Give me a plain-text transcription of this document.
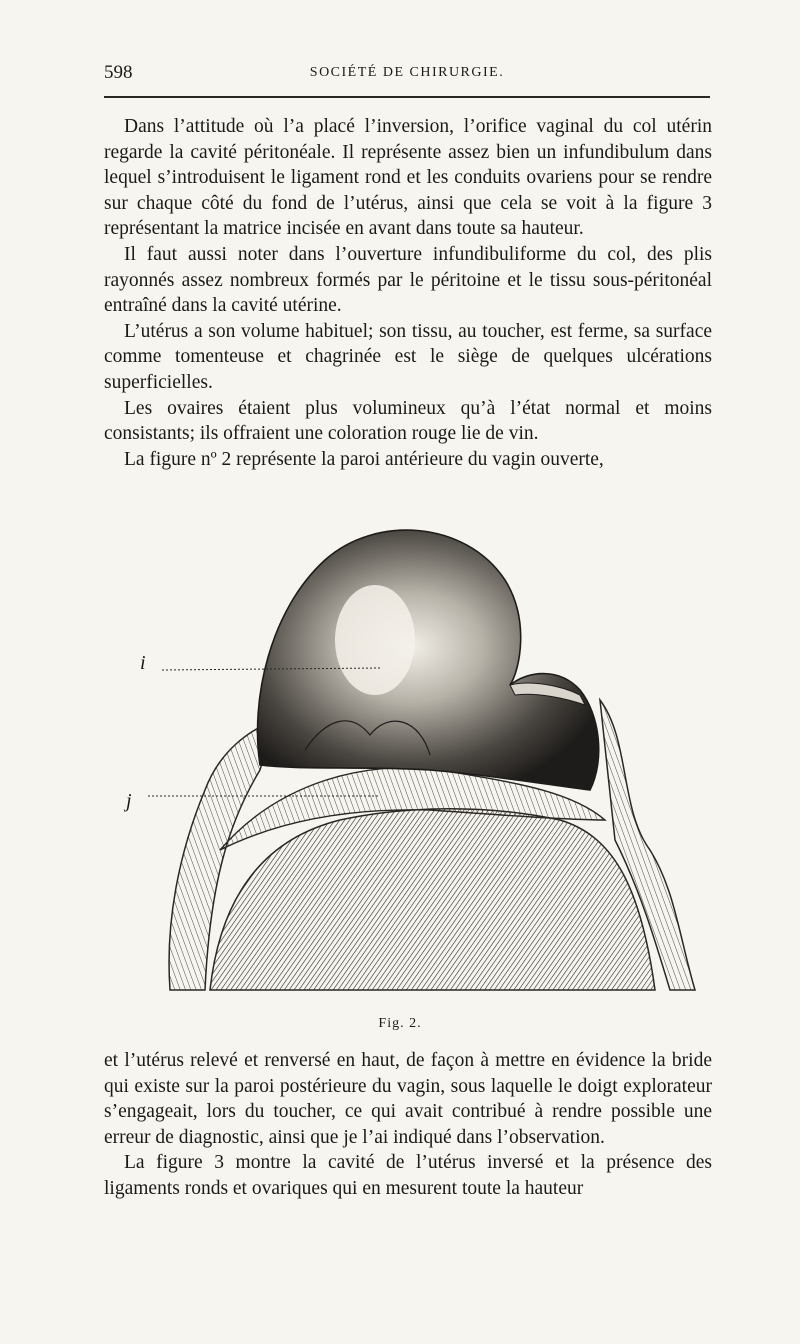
598	SOCIÉTÉ DE CHIRURGIE.

Dans l’attitude où l’a placé l’inversion, l’orifice vaginal du col utérin regarde la cavité péritonéale. Il représente assez bien un infundibulum dans lequel s’introduisent le ligament rond et les conduits ovariens pour se rendre sur chaque côté du fond de l’utérus, ainsi que cela se voit à la figure 3 représentant la matrice incisée en avant dans toute sa hauteur.

Il faut aussi noter dans l’ouverture infundibuliforme du col, des plis rayonnés assez nombreux formés par le péritoine et le tissu sous-péritonéal entraîné dans la cavité utérine.

L’utérus a son volume habituel; son tissu, au toucher, est ferme, sa surface comme tomenteuse et chagrinée est le siège de quelques ulcérations superficielles.

Les ovaires étaient plus volumineux qu’à l’état normal et moins consistants; ils offraient une coloration rouge lie de vin.

La figure nº 2 représente la paroi antérieure du vagin ouverte,

i
j
Fig. 2.

et l’utérus relevé et renversé en haut, de façon à mettre en évidence la bride qui existe sur la paroi postérieure du vagin, sous laquelle le doigt explorateur s’engageait, lors du toucher, ce qui avait contribué à rendre possible une erreur de diagnostic, ainsi que je l’ai indiqué dans l’observation.

La figure 3 montre la cavité de l’utérus inversé et la présence des ligaments ronds et ovariques qui en mesurent toute la hauteur
